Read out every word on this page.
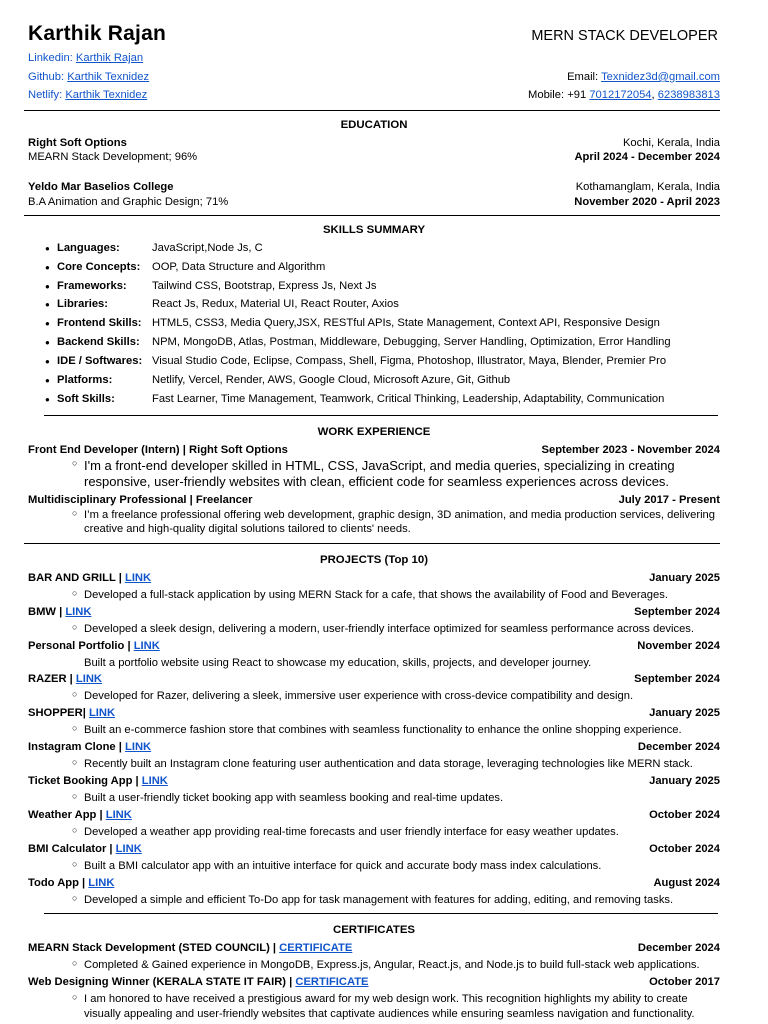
Karthik Rajan	MERN STACK DEVELOPER
Linkedin: Karthik Rajan
Github: Karthik Texnidez	Email: Texnidez3d@gmail.com
Netlify: Karthik Texnidez	Mobile: +91 7012172054, 6238983813
EDUCATION
Right Soft Options	Kochi, Kerala, India
MEARN Stack Development; 96%	April 2024 - December 2024
Yeldo Mar Baselios College	Kothamanglam, Kerala, India
B.A Animation and Graphic Design; 71%	November 2020 - April 2023
SKILLS SUMMARY
● Languages:	JavaScript,Node Js, C
● Core Concepts:	OOP, Data Structure and Algorithm
● Frameworks:	Tailwind CSS, Bootstrap, Express Js, Next Js
● Libraries:	React Js, Redux, Material UI, React Router, Axios
● Frontend Skills: HTML5, CSS3, Media Query,JSX, RESTful APIs, State Management, Context API, Responsive Design
● Backend Skills:	NPM, MongoDB, Atlas, Postman, Middleware, Debugging, Server Handling, Optimization, Error Handling
● IDE / Softwares: Visual Studio Code, Eclipse, Compass, Shell, Figma, Photoshop, Illustrator, Maya, Blender, Premier Pro
● Platforms:	Netlify, Vercel, Render, AWS, Google Cloud, Microsoft Azure, Git, Github
● Soft Skills:	Fast Learner, Time Management, Teamwork, Critical Thinking, Leadership, Adaptability, Communication
WORK EXPERIENCE
Front End Developer (Intern) | Right Soft Options	September 2023 - November 2024
○ I'm a front-end developer skilled in HTML, CSS, JavaScript, and media queries, specializing in creating responsive, user-friendly websites with clean, efficient code for seamless experiences across devices.
Multidisciplinary Professional | Freelancer	July 2017 - Present
○ I’m a freelance professional offering web development, graphic design, 3D animation, and media production services, delivering creative and high-quality digital solutions tailored to clients' needs.
PROJECTS (Top 10)
BAR AND GRILL | LINK	January 2025
○ Developed a full-stack application by using MERN Stack for a cafe, that shows the availability of Food and Beverages.
BMW | LINK	September 2024
○ Developed a sleek design, delivering a modern, user-friendly interface optimized for seamless performance across devices.
Personal Portfolio | LINK	November 2024
Built a portfolio website using React to showcase my education, skills, projects, and developer journey.
RAZER | LINK	September 2024
○ Developed for Razer, delivering a sleek, immersive user experience with cross-device compatibility and design.
SHOPPER| LINK	January 2025
○ Built an e-commerce fashion store that combines with seamless functionality to enhance the online shopping experience.
Instagram Clone | LINK	December 2024
○ Recently built an Instagram clone featuring user authentication and data storage, leveraging technologies like MERN stack.
Ticket Booking App | LINK	January 2025
○ Built a user-friendly ticket booking app with seamless booking and real-time updates.
Weather App | LINK	October 2024
○ Developed a weather app providing real-time forecasts and user friendly interface for easy weather updates.
BMI Calculator | LINK	October 2024
○ Built a BMI calculator app with an intuitive interface for quick and accurate body mass index calculations.
Todo App | LINK	August 2024
○ Developed a simple and efficient To-Do app for task management with features for adding, editing, and removing tasks.
CERTIFICATES
MEARN Stack Development (STED COUNCIL) | CERTIFICATE	December 2024
○ Completed & Gained experience in MongoDB, Express.js, Angular, React.js, and Node.js to build full-stack web applications.
Web Designing Winner (KERALA STATE IT FAIR) | CERTIFICATE	October 2017
○ I am honored to have received a prestigious award for my web design work. This recognition highlights my ability to create visually appealing and user-friendly websites that captivate audiences while ensuring seamless navigation and functionality.
